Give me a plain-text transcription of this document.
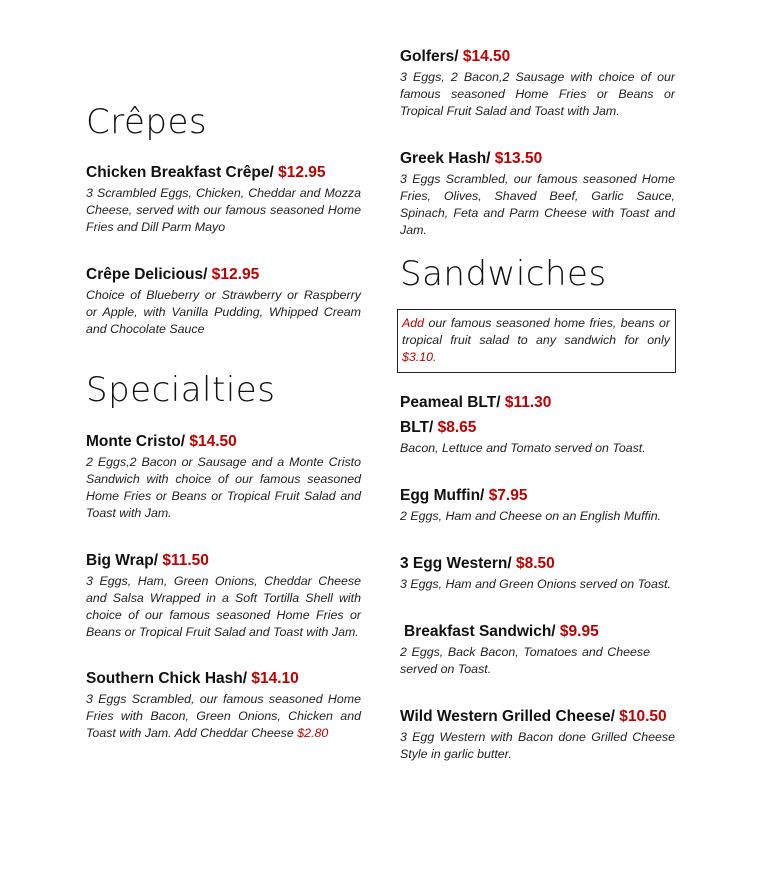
Crêpes
Chicken Breakfast Crêpe/ $12.95
3 Scrambled Eggs, Chicken, Cheddar and Mozza Cheese, served with our famous seasoned Home Fries and Dill Parm Mayo
Crêpe Delicious/ $12.95
Choice of Blueberry or Strawberry or Raspberry or Apple, with Vanilla Pudding, Whipped Cream and Chocolate Sauce
Specialties
Monte Cristo/ $14.50
2 Eggs,2 Bacon or Sausage and a Monte Cristo Sandwich with choice of our famous seasoned Home Fries or Beans or Tropical Fruit Salad and Toast with Jam.
Big Wrap/ $11.50
3 Eggs, Ham, Green Onions, Cheddar Cheese and Salsa Wrapped in a Soft Tortilla Shell with choice of our famous seasoned Home Fries or Beans or Tropical Fruit Salad and Toast with Jam.
Southern Chick Hash/ $14.10
3 Eggs Scrambled, our famous seasoned Home Fries with Bacon, Green Onions, Chicken and Toast with Jam. Add Cheddar Cheese $2.80
Golfers/ $14.50
3 Eggs, 2 Bacon,2 Sausage with choice of our famous seasoned Home Fries or Beans or Tropical Fruit Salad and Toast with Jam.
Greek Hash/ $13.50
3 Eggs Scrambled, our famous seasoned Home Fries, Olives, Shaved Beef, Garlic Sauce, Spinach, Feta and Parm Cheese with Toast and Jam.
Sandwiches
Add our famous seasoned home fries, beans or tropical fruit salad to any sandwich for only $3.10.
Peameal BLT/ $11.30
BLT/ $8.65
Bacon, Lettuce and Tomato served on Toast.
Egg Muffin/ $7.95
2 Eggs, Ham and Cheese on an English Muffin.
3 Egg Western/ $8.50
3 Eggs, Ham and Green Onions served on Toast.
Breakfast Sandwich/ $9.95
2 Eggs, Back Bacon, Tomatoes and Cheese served on Toast.
Wild Western Grilled Cheese/ $10.50
3 Egg Western with Bacon done Grilled Cheese Style in garlic butter.
